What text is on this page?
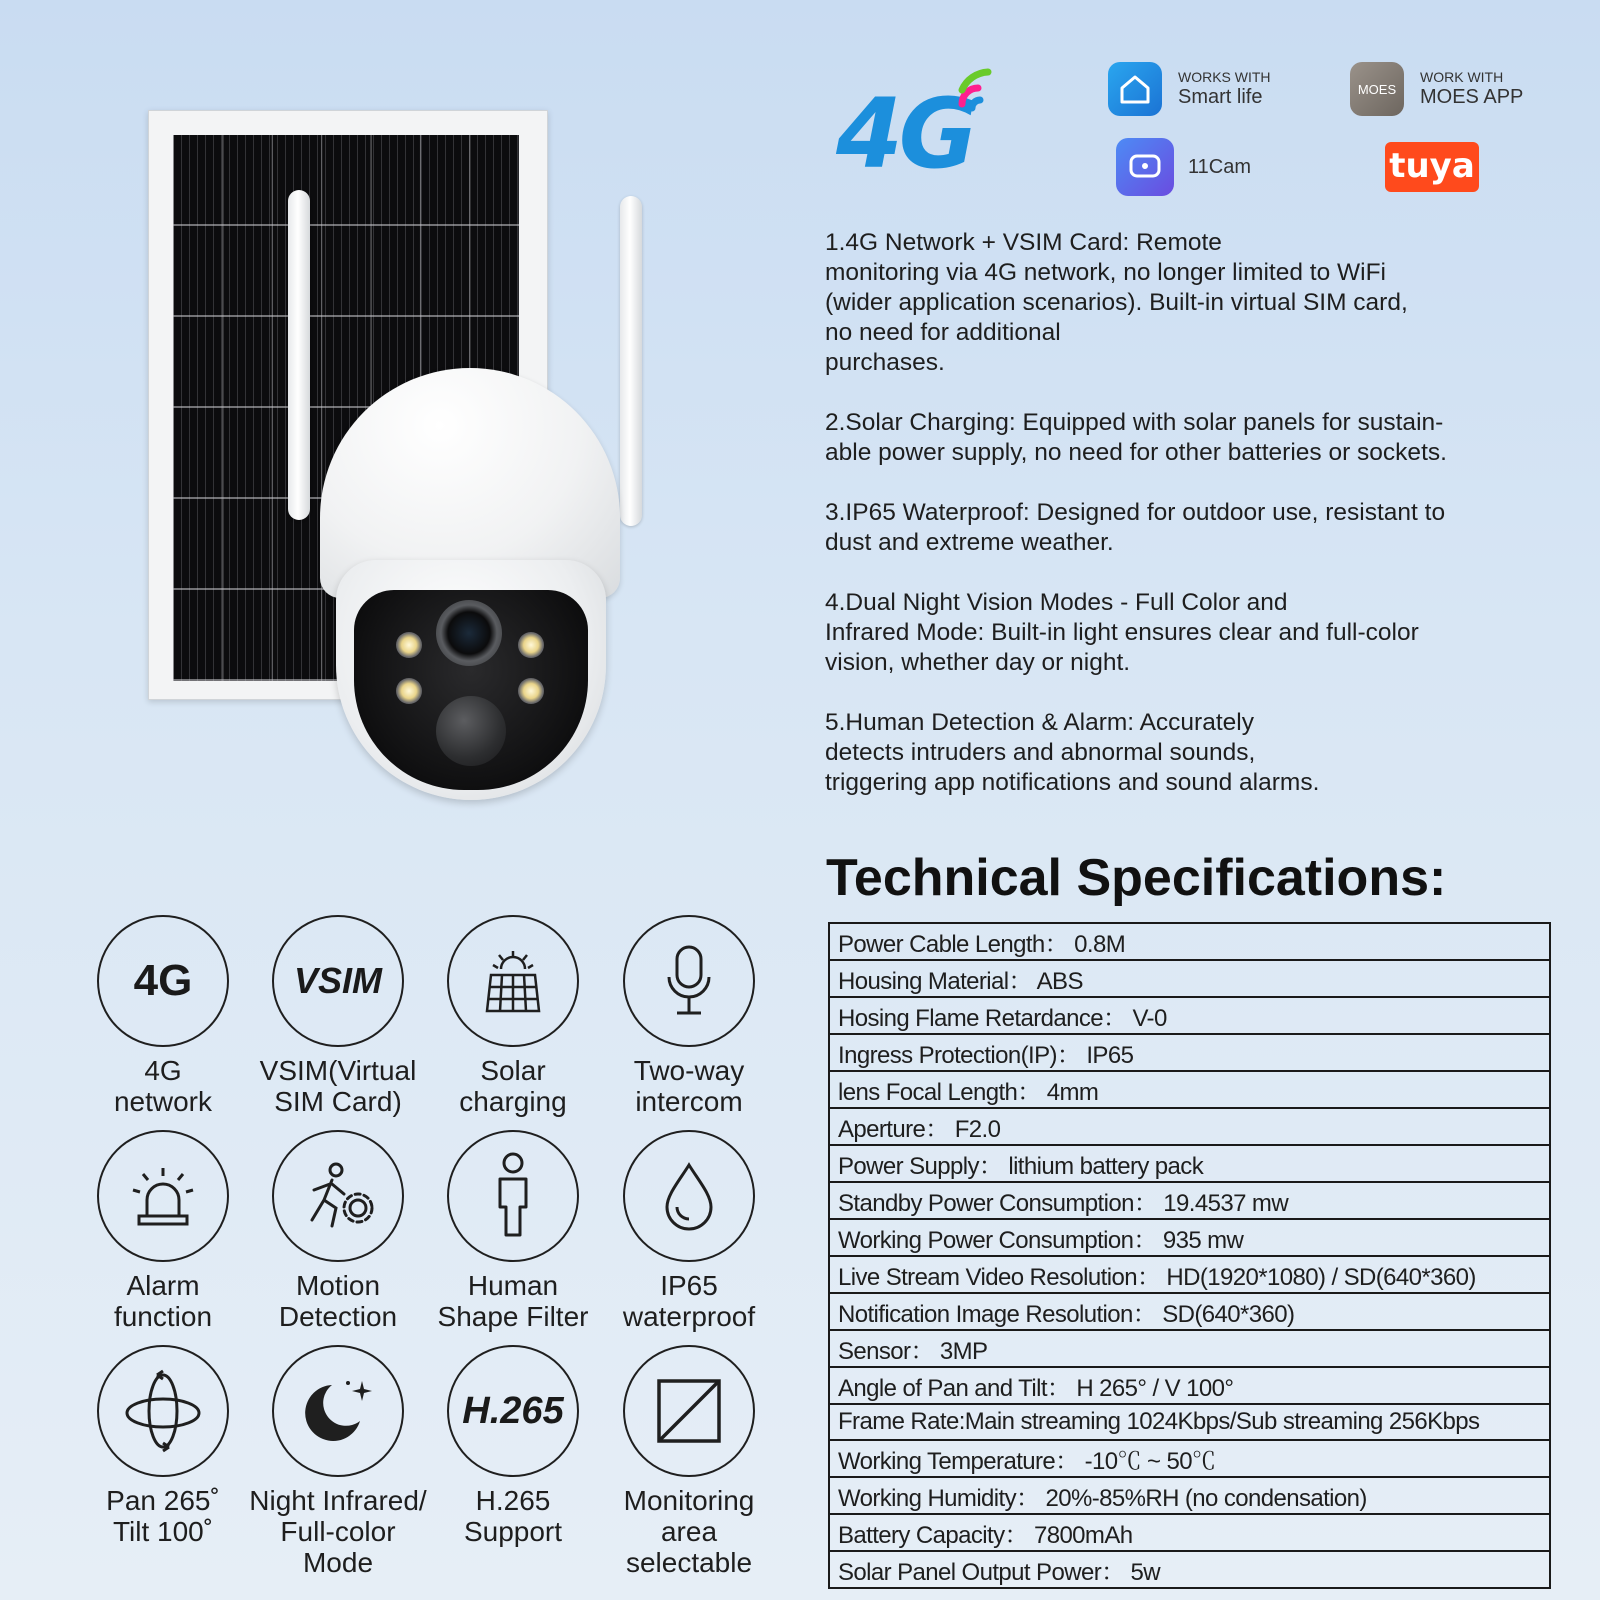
4G
WORKS WITH
Smart life	MOES
WORK WITH
MOES APP
11Cam	tuya

1.4G Network + VSIM Card: Remote
monitoring via 4G network, no longer limited to WiFi
(wider application scenarios). Built-in virtual SIM card,
no need for additional
purchases.

2.Solar Charging: Equipped with solar panels for sustain-
able power supply, no need for other batteries or sockets.

3.IP65 Waterproof: Designed for outdoor use, resistant to
dust and extreme weather.

4.Dual Night Vision Modes - Full Color and
Infrared Mode: Built-in light ensures clear and full-color
vision, whether day or night.

5.Human Detection & Alarm: Accurately
detects intruders and abnormal sounds,
triggering app notifications and sound alarms.

Technical Specifications:
Power Cable Length： 0.8M
Housing Material： ABS
Hosing Flame Retardance： V-0
Ingress Protection(IP)： IP65
lens Focal Length： 4mm
Aperture： F2.0
Power Supply： lithium battery pack
Standby Power Consumption： 19.4537 mw
Working Power Consumption： 935 mw
Live Stream Video Resolution： HD(1920*1080) / SD(640*360)
Notification Image Resolution： SD(640*360)
Sensor： 3MP
Angle of Pan and Tilt： H 265° / V 100°
Frame Rate:Main streaming 1024Kbps/Sub streaming 256Kbps
Working Temperature： -10℃ ~ 50℃
Working Humidity： 20%-85%RH (no condensation)
Battery Capacity： 7800mAh
Solar Panel Output Power： 5w
4G
4G
network
VSIM
VSIM(Virtual
SIM Card)
Solar
charging
Two-way
intercom
Alarm
function
Motion
Detection
Human
Shape Filter
IP65
waterproof
Pan 265˚
Tilt 100˚
Night Infrared/
Full-color Mode
H.265
H.265
Support
Monitoring
area selectable
